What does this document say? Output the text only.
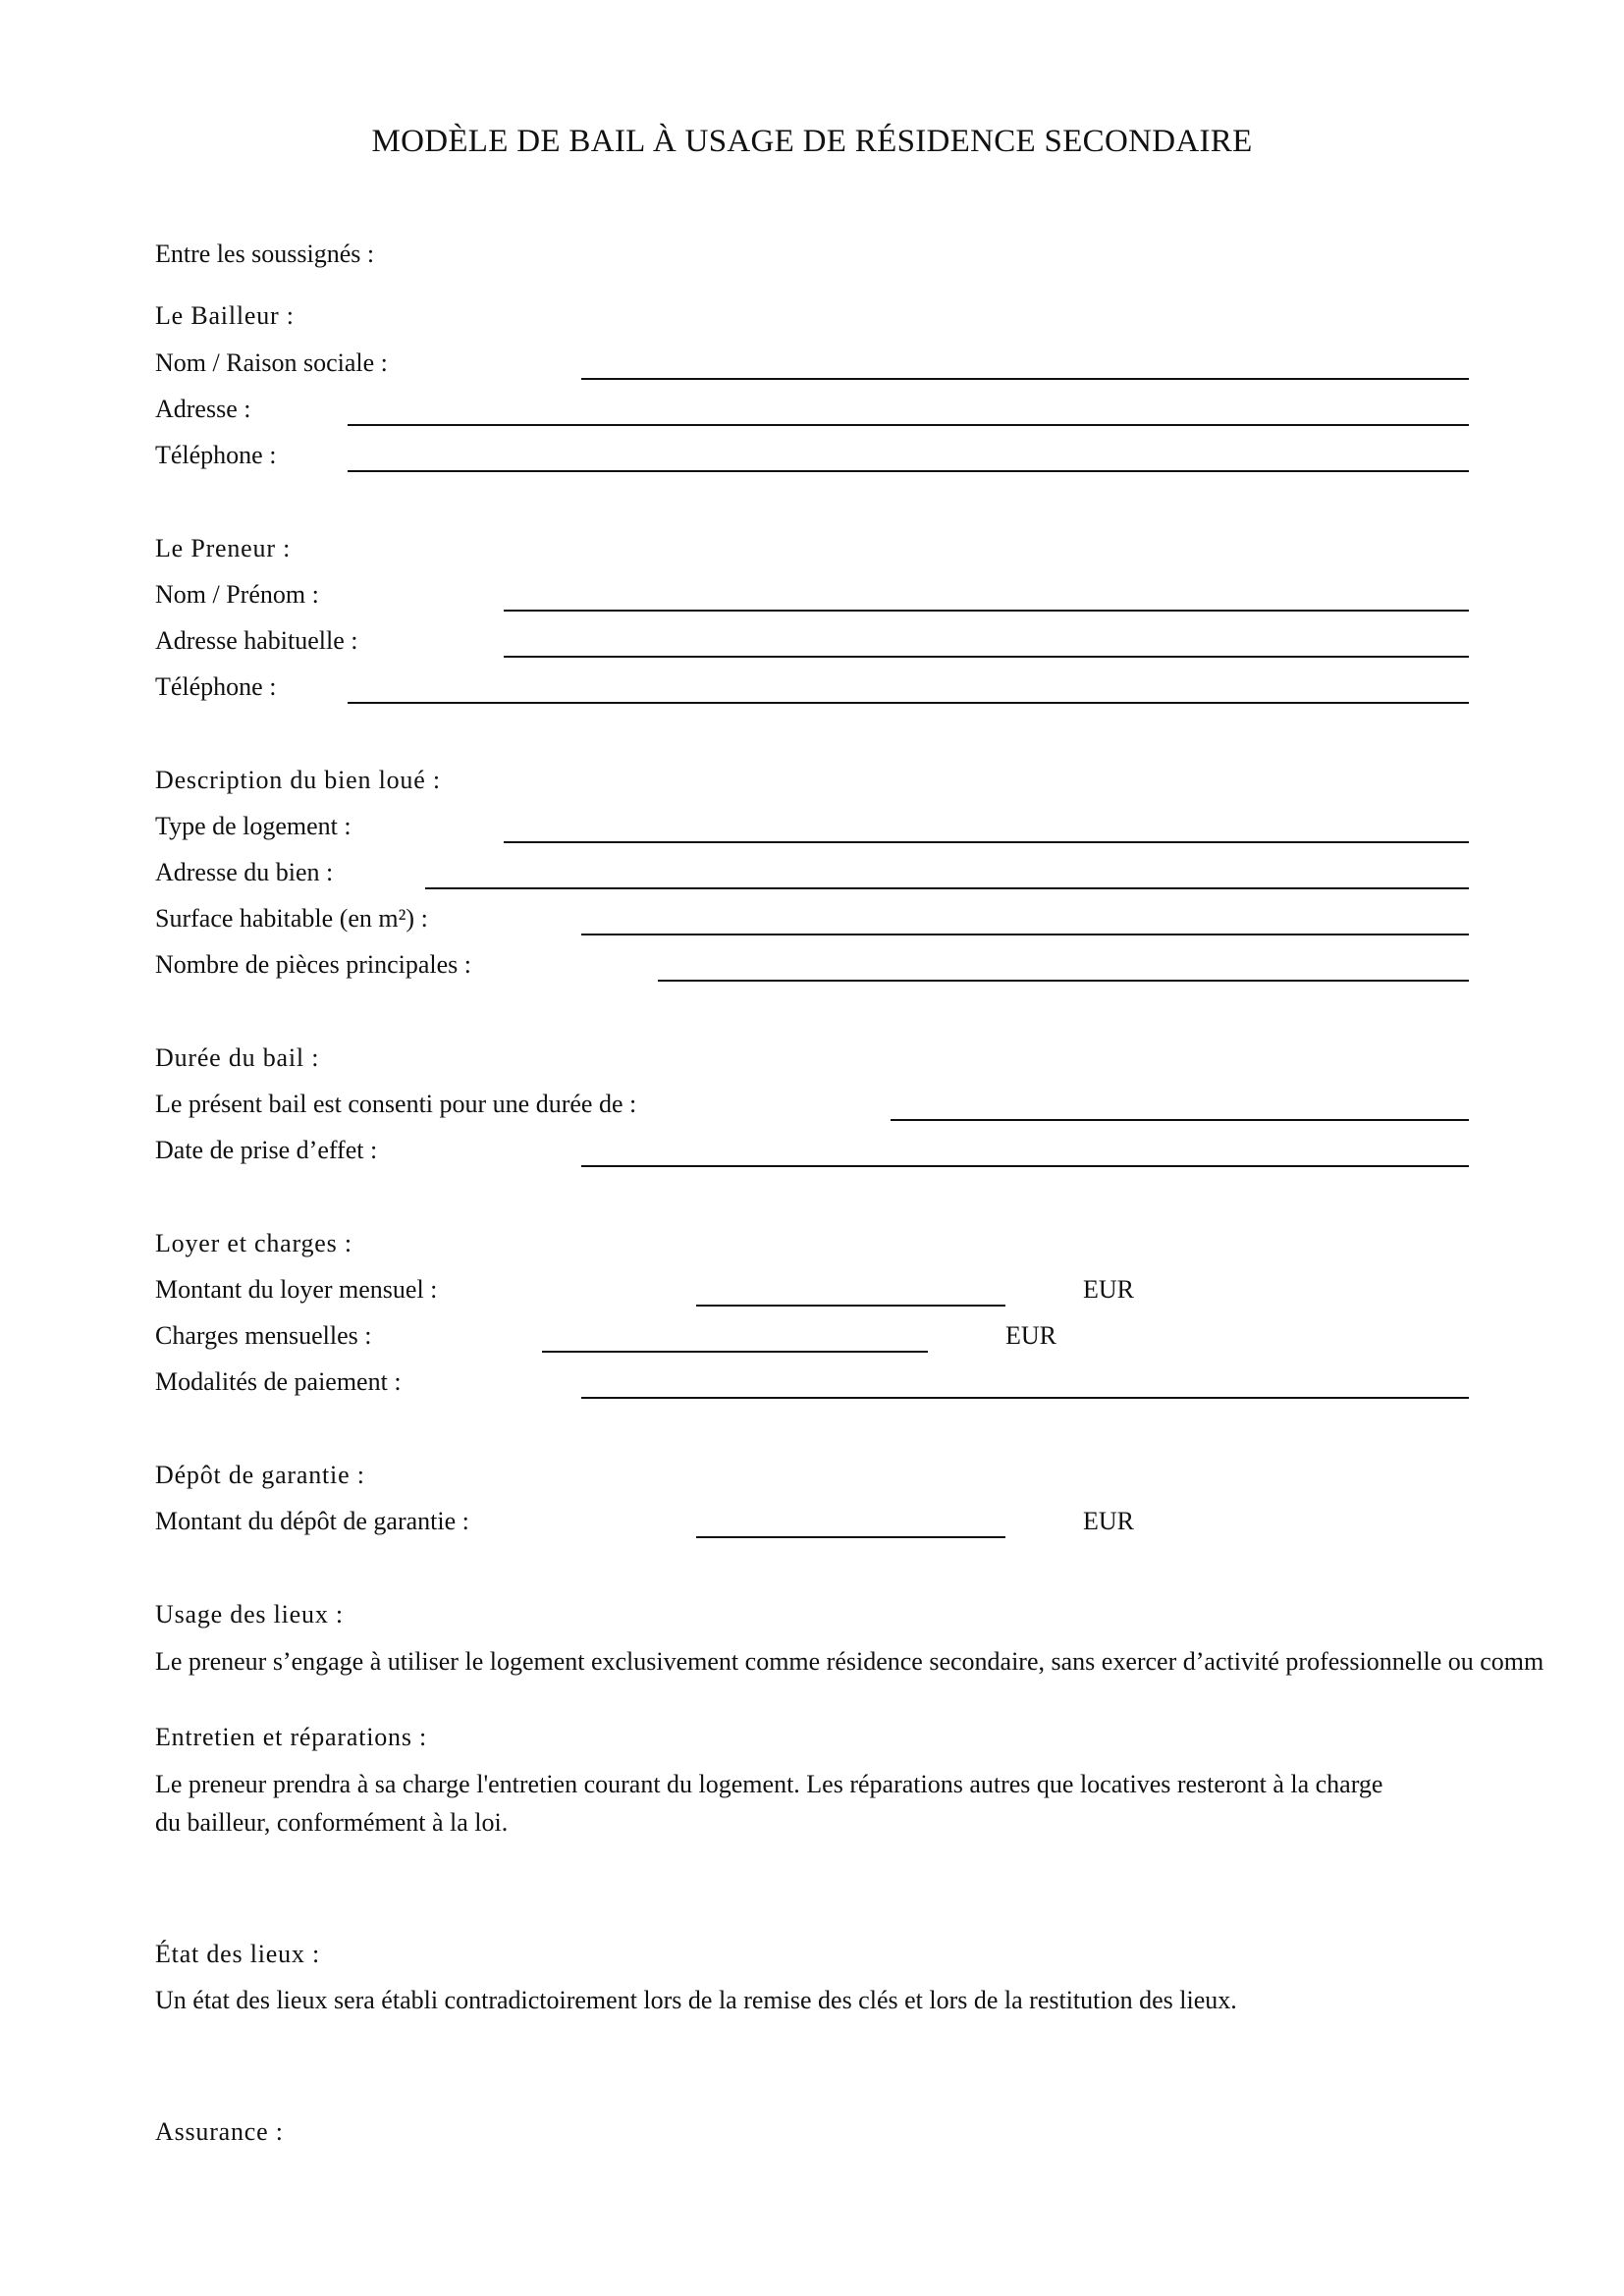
MODÈLE DE BAIL À USAGE DE RÉSIDENCE SECONDAIRE
Entre les soussignés :
Le Bailleur :
Nom / Raison sociale :
Adresse :
Téléphone :
Le Preneur :
Nom / Prénom :
Adresse habituelle :
Téléphone :
Description du bien loué :
Type de logement :
Adresse du bien :
Surface habitable (en m²) :
Nombre de pièces principales :
Durée du bail :
Le présent bail est consenti pour une durée de :
Date de prise d’effet :
Loyer et charges :
Montant du loyer mensuel :	EUR
Charges mensuelles :	EUR
Modalités de paiement :
Dépôt de garantie :
Montant du dépôt de garantie :	EUR
Usage des lieux :
Le preneur s’engage à utiliser le logement exclusivement comme résidence secondaire, sans exercer d’activité professionnelle ou comm
Entretien et réparations :
Le preneur prendra à sa charge l'entretien courant du logement. Les réparations autres que locatives resteront à la charge
du bailleur, conformément à la loi.
État des lieux :
Un état des lieux sera établi contradictoirement lors de la remise des clés et lors de la restitution des lieux.
Assurance :
